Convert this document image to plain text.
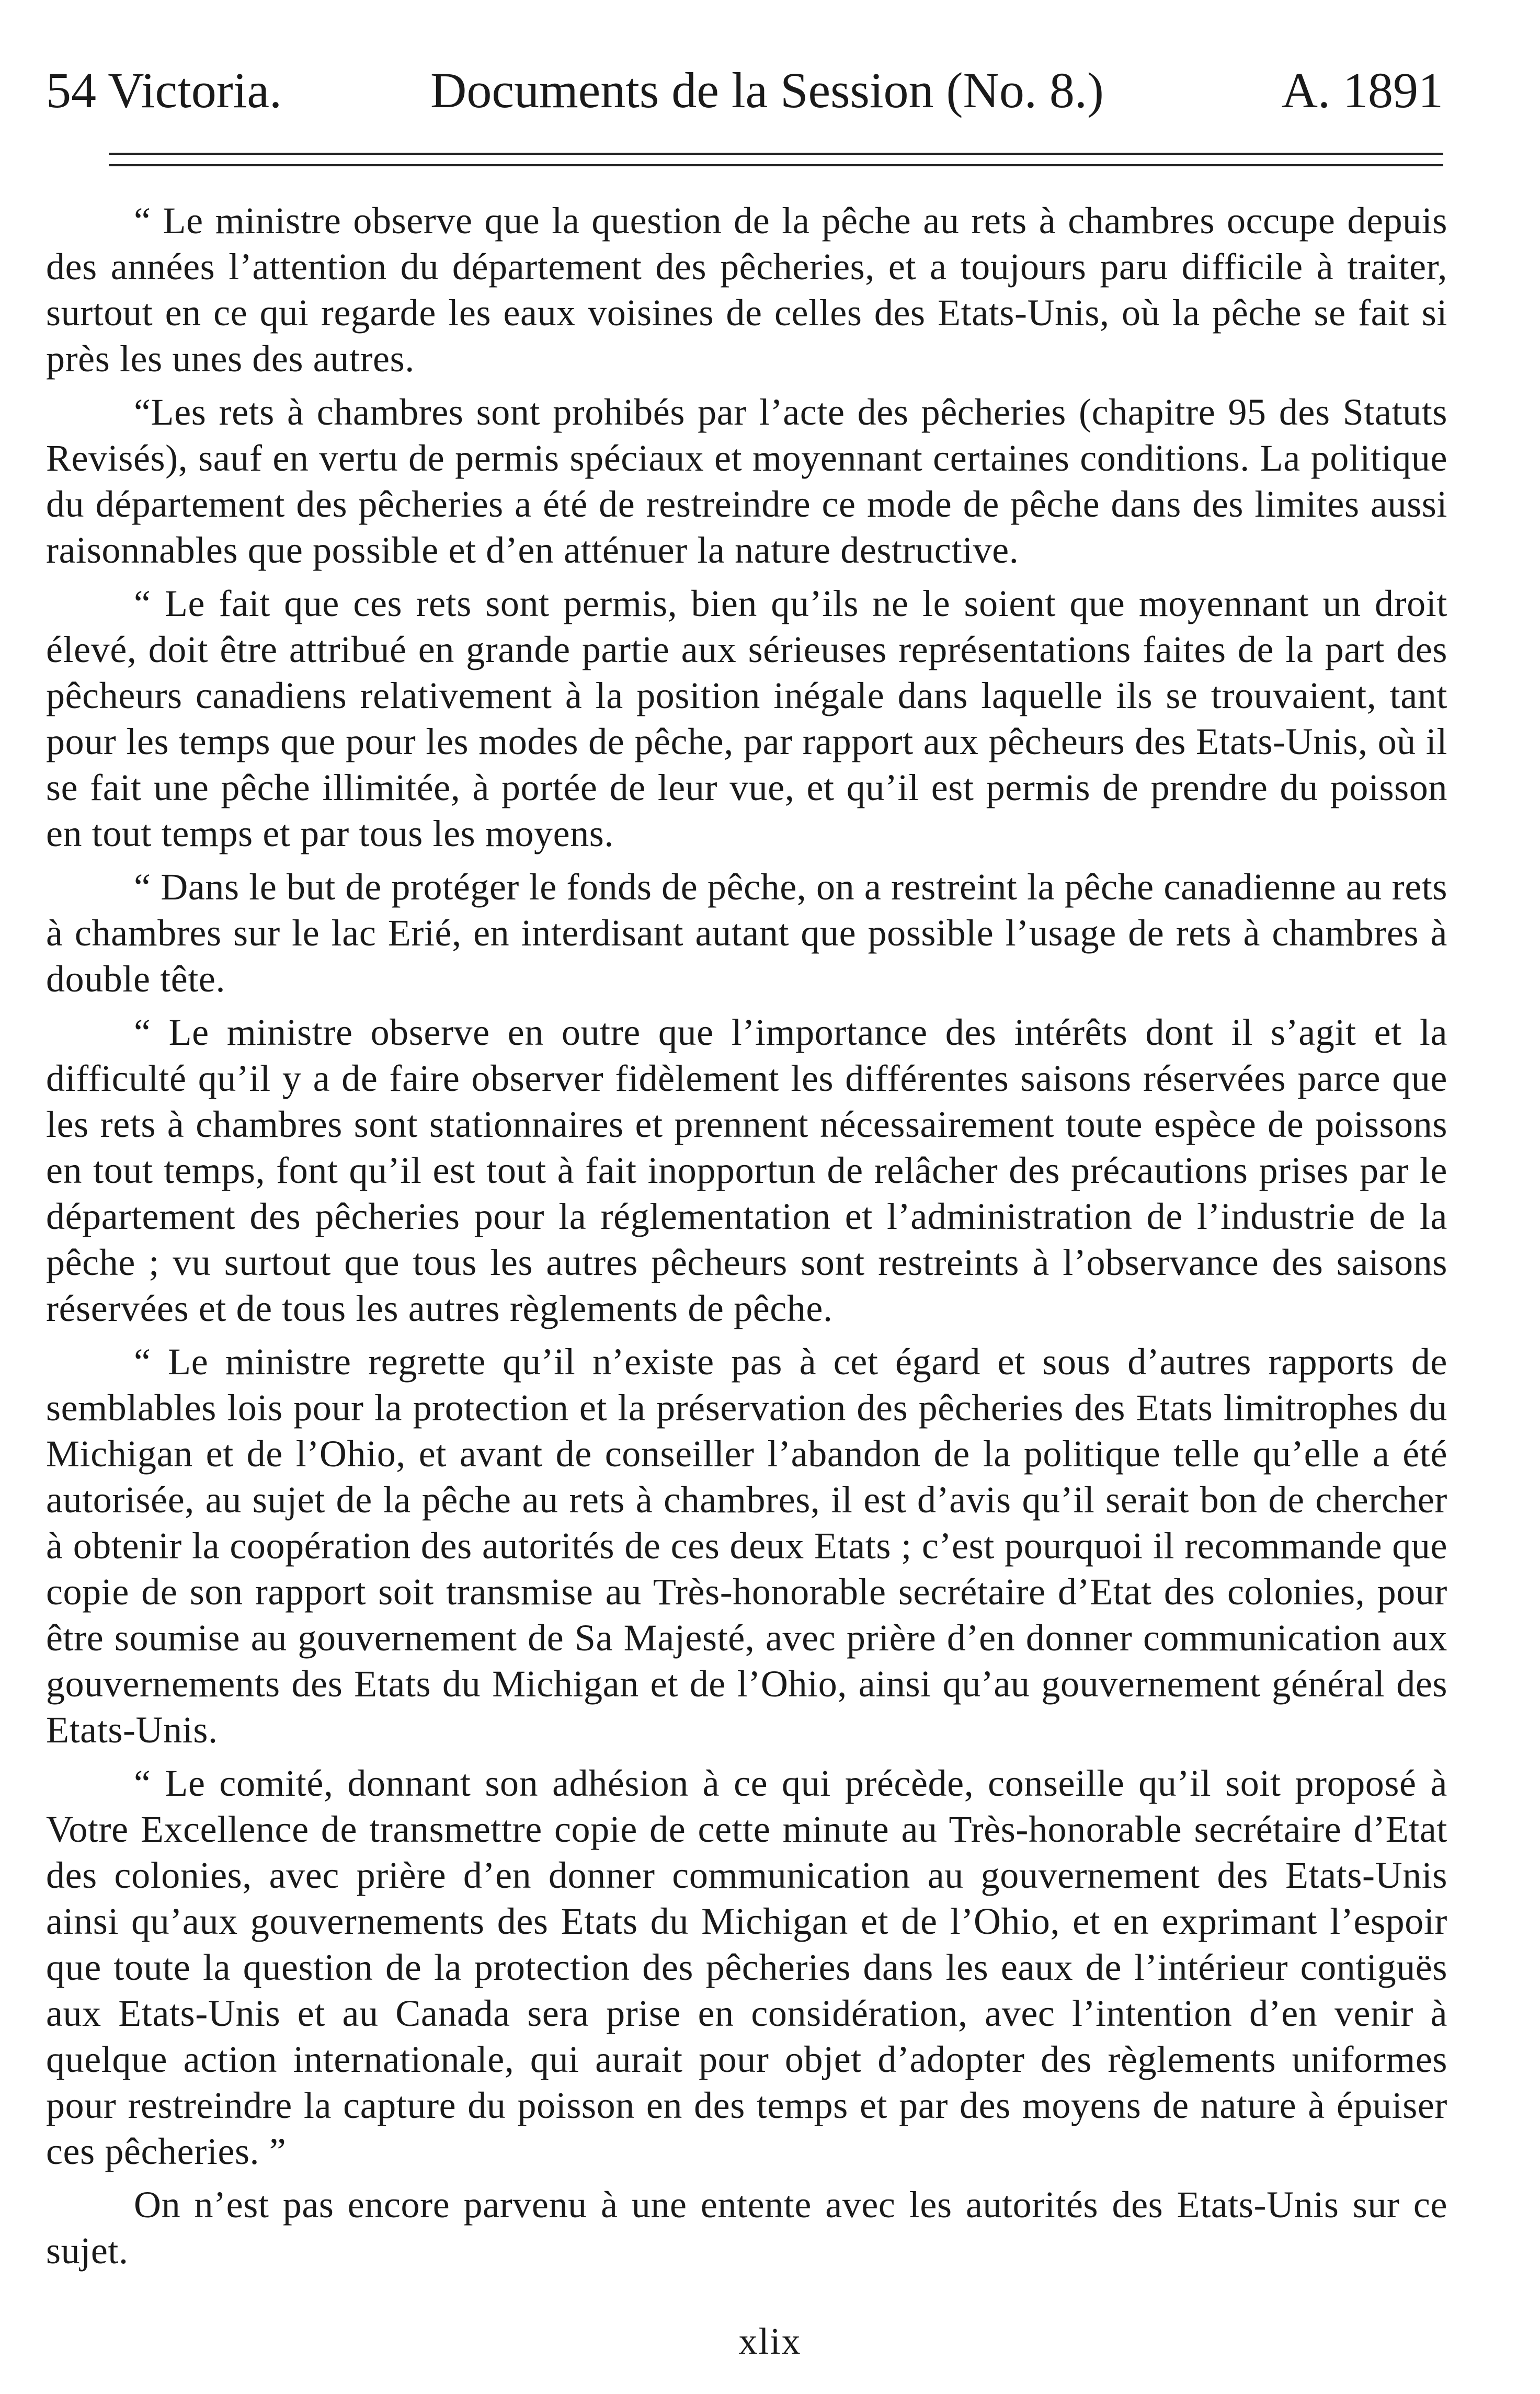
54 Victoria.	Documents de la Session (No. 8.)	A. 1891

“ Le ministre observe que la question de la pêche au rets à chambres occupe depuis des années l’attention du département des pêcheries, et a toujours paru difficile à traiter, surtout en ce qui regarde les eaux voisines de celles des Etats-Unis, où la pêche se fait si près les unes des autres.

“Les rets à chambres sont prohibés par l’acte des pêcheries (chapitre 95 des Statuts Revisés), sauf en vertu de permis spéciaux et moyennant certaines conditions. La politique du département des pêcheries a été de restreindre ce mode de pêche dans des limites aussi raisonnables que possible et d’en atténuer la nature destructive.

“ Le fait que ces rets sont permis, bien qu’ils ne le soient que moyennant un droit élevé, doit être attribué en grande partie aux sérieuses représentations faites de la part des pêcheurs canadiens relativement à la position inégale dans laquelle ils se trouvaient, tant pour les temps que pour les modes de pêche, par rapport aux pêcheurs des Etats-Unis, où il se fait une pêche illimitée, à portée de leur vue, et qu’il est permis de prendre du poisson en tout temps et par tous les moyens.

“ Dans le but de protéger le fonds de pêche, on a restreint la pêche canadienne au rets à chambres sur le lac Erié, en interdisant autant que possible l’usage de rets à chambres à double tête.

“ Le ministre observe en outre que l’importance des intérêts dont il s’agit et la difficulté qu’il y a de faire observer fidèlement les différentes saisons réservées parce que les rets à chambres sont stationnaires et prennent nécessairement toute espèce de poissons en tout temps, font qu’il est tout à fait inopportun de relâcher des précautions prises par le département des pêcheries pour la réglementation et l’administration de l’industrie de la pêche ; vu surtout que tous les autres pêcheurs sont restreints à l’observance des saisons réservées et de tous les autres règlements de pêche.

“ Le ministre regrette qu’il n’existe pas à cet égard et sous d’autres rapports de semblables lois pour la protection et la préservation des pêcheries des Etats limitrophes du Michigan et de l’Ohio, et avant de conseiller l’abandon de la politique telle qu’elle a été autorisée, au sujet de la pêche au rets à chambres, il est d’avis qu’il serait bon de chercher à obtenir la coopération des autorités de ces deux Etats ; c’est pourquoi il recommande que copie de son rapport soit transmise au Très-honorable secrétaire d’Etat des colonies, pour être soumise au gouvernement de Sa Majesté, avec prière d’en donner communication aux gouvernements des Etats du Michigan et de l’Ohio, ainsi qu’au gouvernement général des Etats-Unis.

“ Le comité, donnant son adhésion à ce qui précède, conseille qu’il soit proposé à Votre Excellence de transmettre copie de cette minute au Très-honorable secrétaire d’Etat des colonies, avec prière d’en donner communication au gouvernement des Etats-Unis ainsi qu’aux gouvernements des Etats du Michigan et de l’Ohio, et en exprimant l’espoir que toute la question de la protection des pêcheries dans les eaux de l’intérieur contiguës aux Etats-Unis et au Canada sera prise en considération, avec l’intention d’en venir à quelque action internationale, qui aurait pour objet d’adopter des règlements uniformes pour restreindre la capture du poisson en des temps et par des moyens de nature à épuiser ces pêcheries. ”

On n’est pas encore parvenu à une entente avec les autorités des Etats-Unis sur ce sujet.

xlix
